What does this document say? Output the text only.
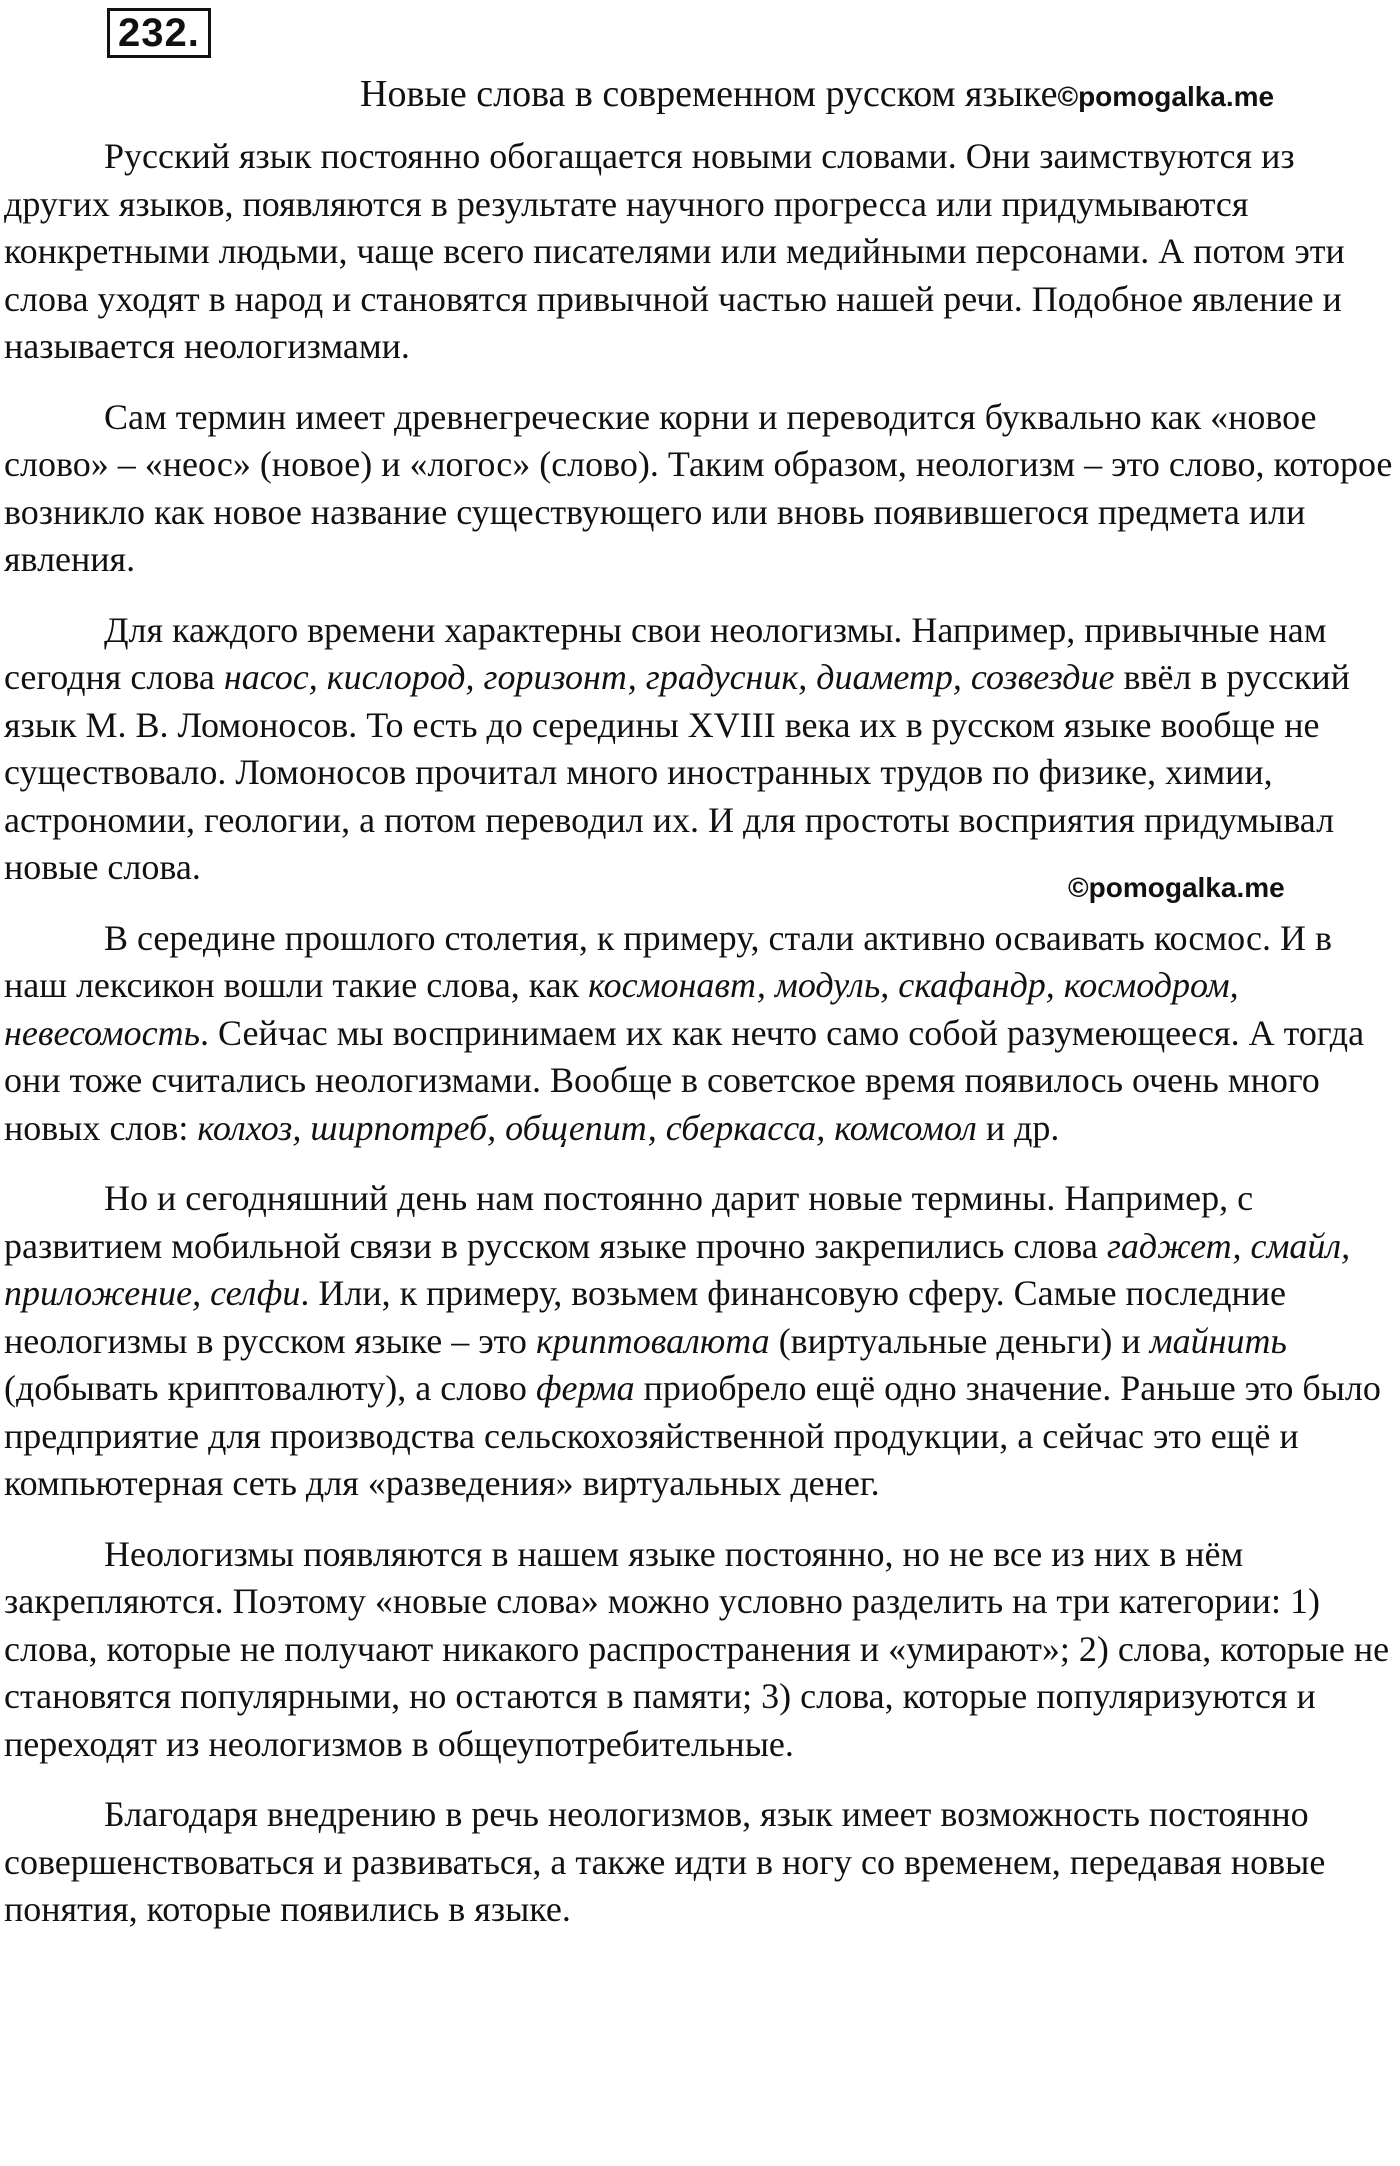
232.
Новые слова в современном русском языке©pomogalka.me

Русский язык постоянно обогащается новыми словами. Они заимствуются из других языков, появляются в результате научного прогресса или придумываются конкретными людьми, чаще всего писателями или медийными персонами. А потом эти слова уходят в народ и становятся привычной частью нашей речи. Подобное явление и называется неологизмами.

Сам термин имеет древнегреческие корни и переводится буквально как «новое слово» – «неос» (новое) и «логос» (слово). Таким образом, неологизм – это слово, которое возникло как новое название существующего или вновь появившегося предмета или явления.

Для каждого времени характерны свои неологизмы. Например, привычные нам сегодня слова насос, кислород, горизонт, градусник, диаметр, созвездие ввёл в русский язык М. В. Ломоносов. То есть до середины XVIII века их в русском языке вообще не существовало. Ломоносов прочитал много иностранных трудов по физике, химии, астрономии, геологии, а потом переводил их. И для простоты восприятия придумывал новые слова.

В середине прошлого столетия, к примеру, стали активно осваивать космос. И в наш лексикон вошли такие слова, как космонавт, модуль, скафандр, космодром, невесомость. Сейчас мы воспринимаем их как нечто само собой разумеющееся. А тогда они тоже считались неологизмами. Вообще в советское время появилось очень много новых слов: колхоз, ширпотреб, общепит, сберкасса, комсомол и др.

Но и сегодняшний день нам постоянно дарит новые термины. Например, с развитием мобильной связи в русском языке прочно закрепились слова гаджет, смайл, приложение, селфи. Или, к примеру, возьмем финансовую сферу. Самые последние неологизмы в русском языке – это криптовалюта (виртуальные деньги) и майнить (добывать криптовалюту), а слово ферма приобрело ещё одно значение. Раньше это было предприятие для производства сельскохозяйственной продукции, а сейчас это ещё и компьютерная сеть для «разведения» виртуальных денег.

Неологизмы появляются в нашем языке постоянно, но не все из них в нём закрепляются. Поэтому «новые слова» можно условно разделить на три категории: 1) слова, которые не получают никакого распространения и «умирают»; 2) слова, которые не становятся популярными, но остаются в памяти; 3) слова, которые популяризуются и переходят из неологизмов в общеупотребительные.

Благодаря внедрению в речь неологизмов, язык имеет возможность постоянно совершенствоваться и развиваться, а также идти в ногу со временем, передавая новые понятия, которые появились в языке.

©pomogalka.me
